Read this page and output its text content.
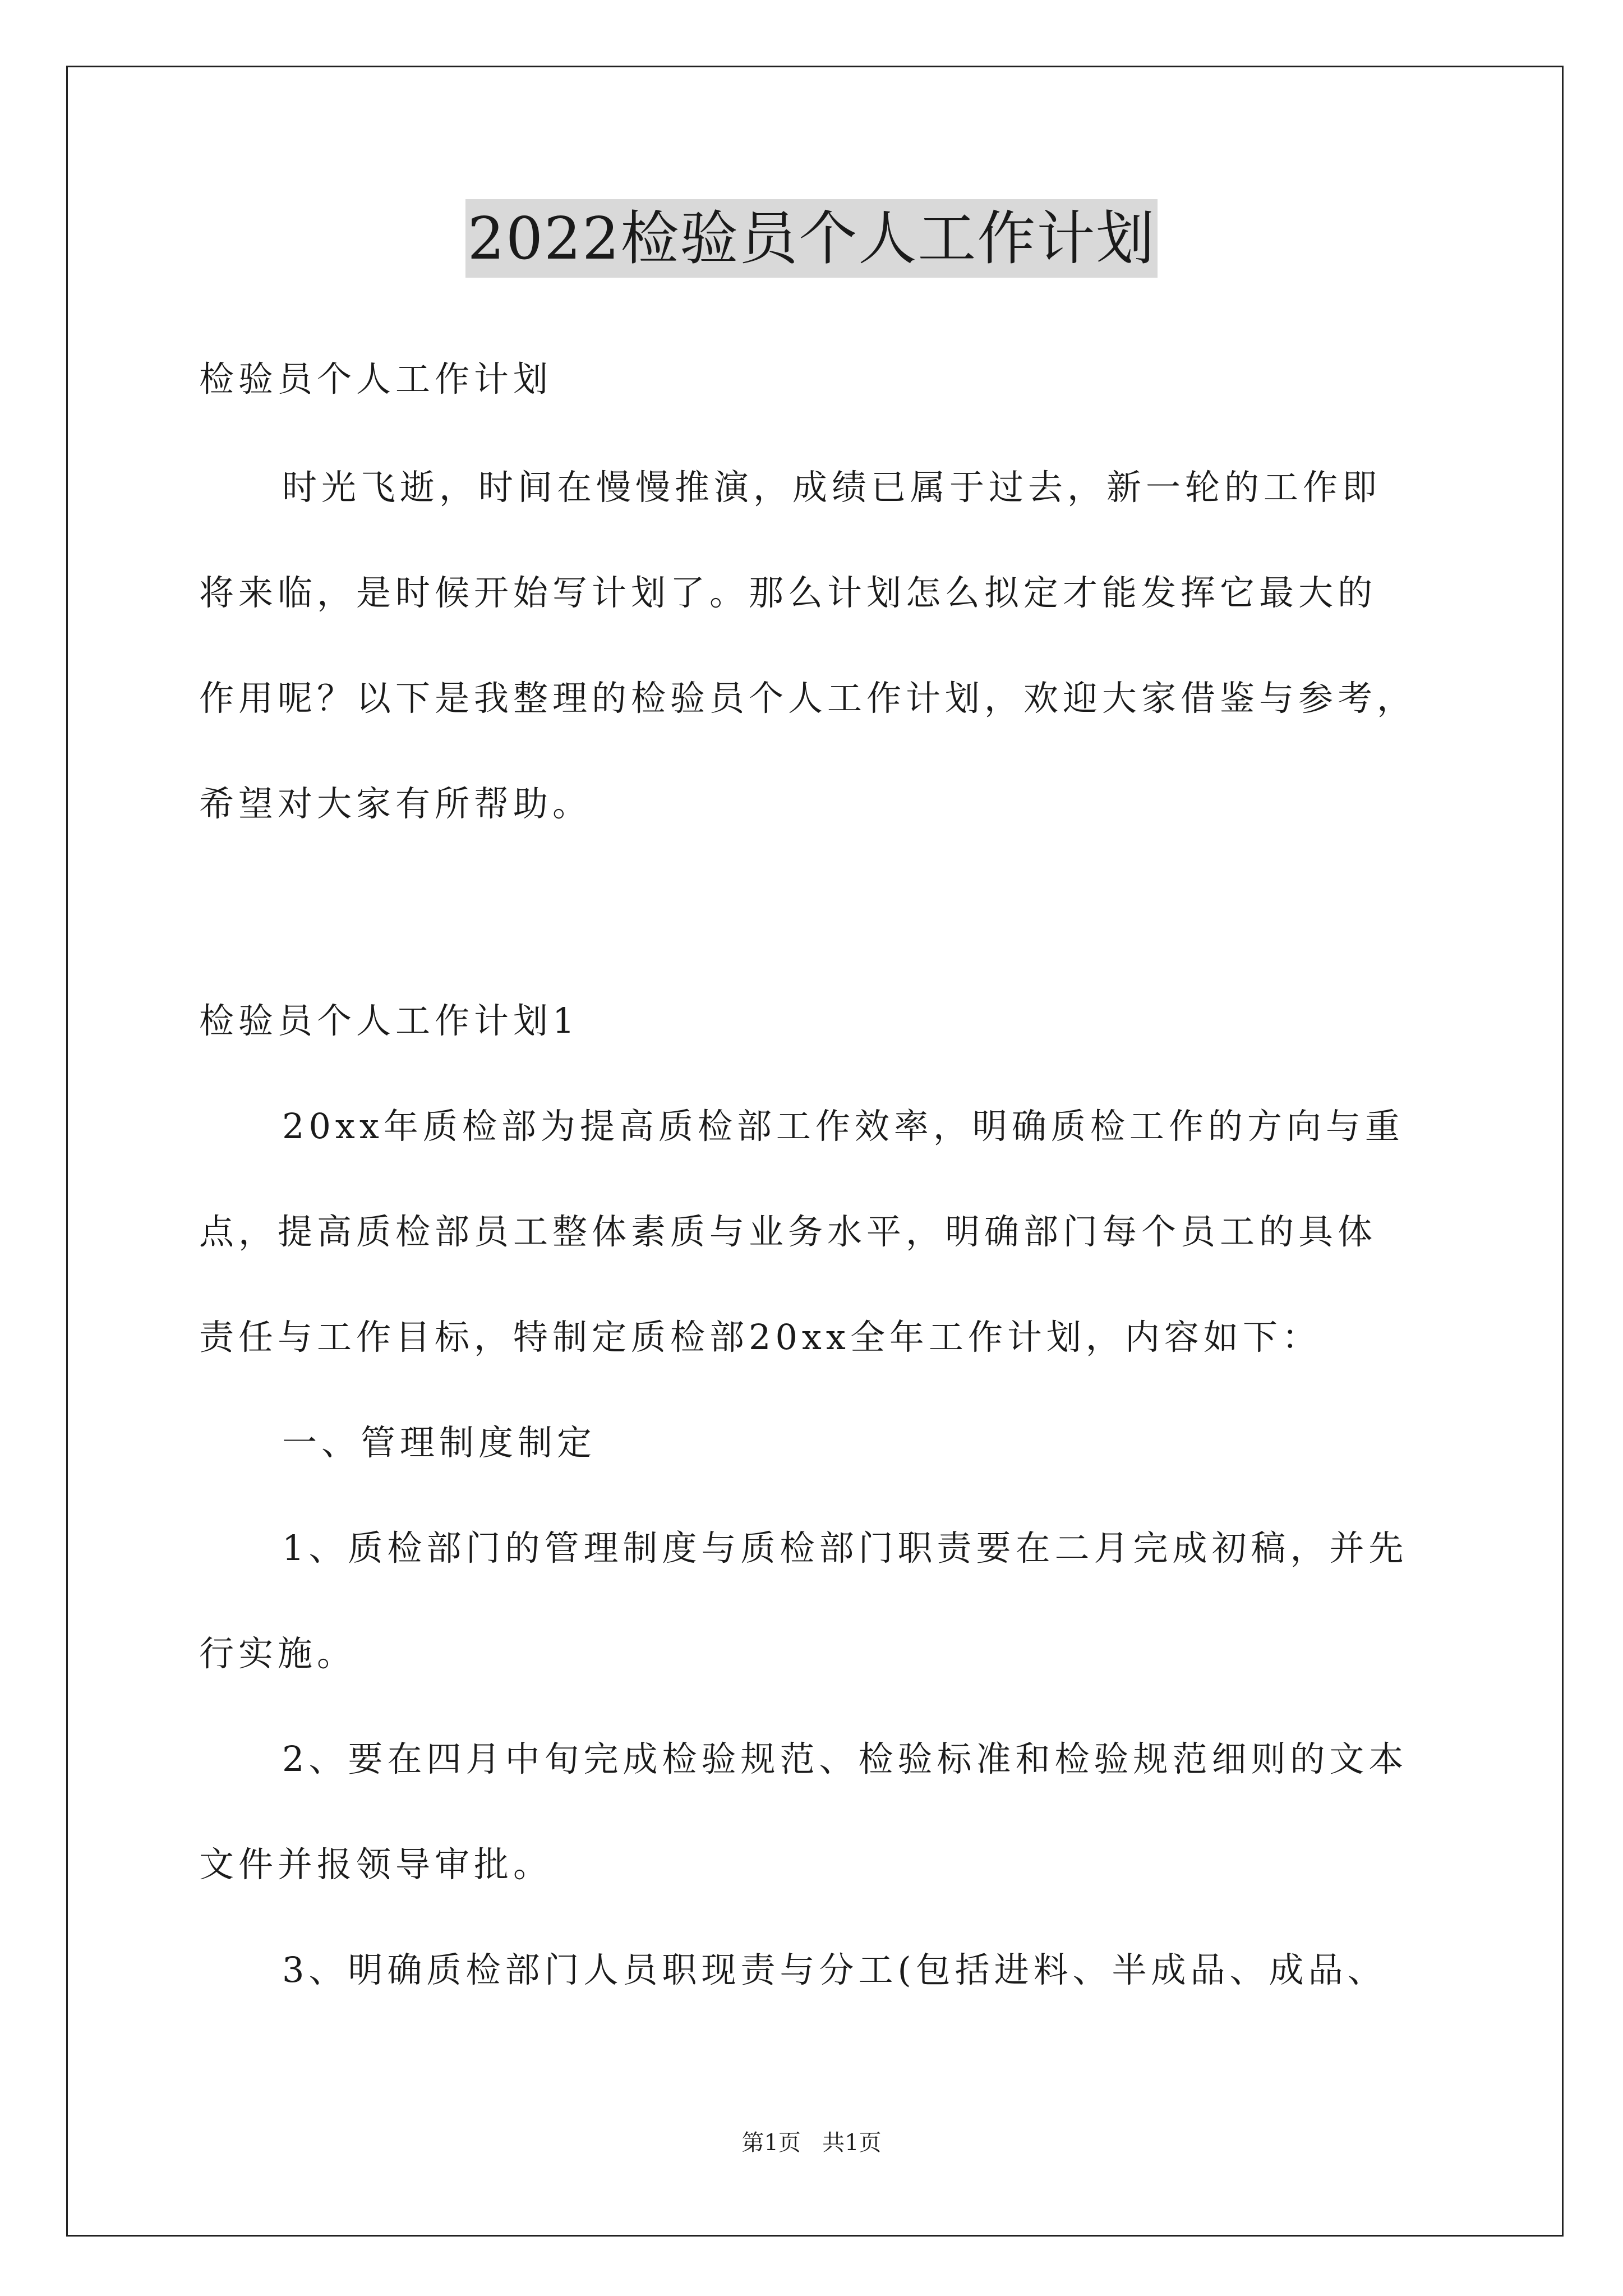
2022检验员个人工作计划
检验员个人工作计划
时光飞逝，时间在慢慢推演，成绩已属于过去，新一轮的工作即
将来临，是时候开始写计划了。那么计划怎么拟定才能发挥它最大的
作用呢？以下是我整理的检验员个人工作计划，欢迎大家借鉴与参考，
希望对大家有所帮助。
检验员个人工作计划1
20xx年质检部为提高质检部工作效率，明确质检工作的方向与重
点，提高质检部员工整体素质与业务水平，明确部门每个员工的具体
责任与工作目标，特制定质检部20xx全年工作计划，内容如下：
一、管理制度制定
1、质检部门的管理制度与质检部门职责要在二月完成初稿，并先
行实施。
2、要在四月中旬完成检验规范、检验标准和检验规范细则的文本
文件并报领导审批。
3、明确质检部门人员职现责与分工(包括进料、半成品、成品、
第1页 共1页
